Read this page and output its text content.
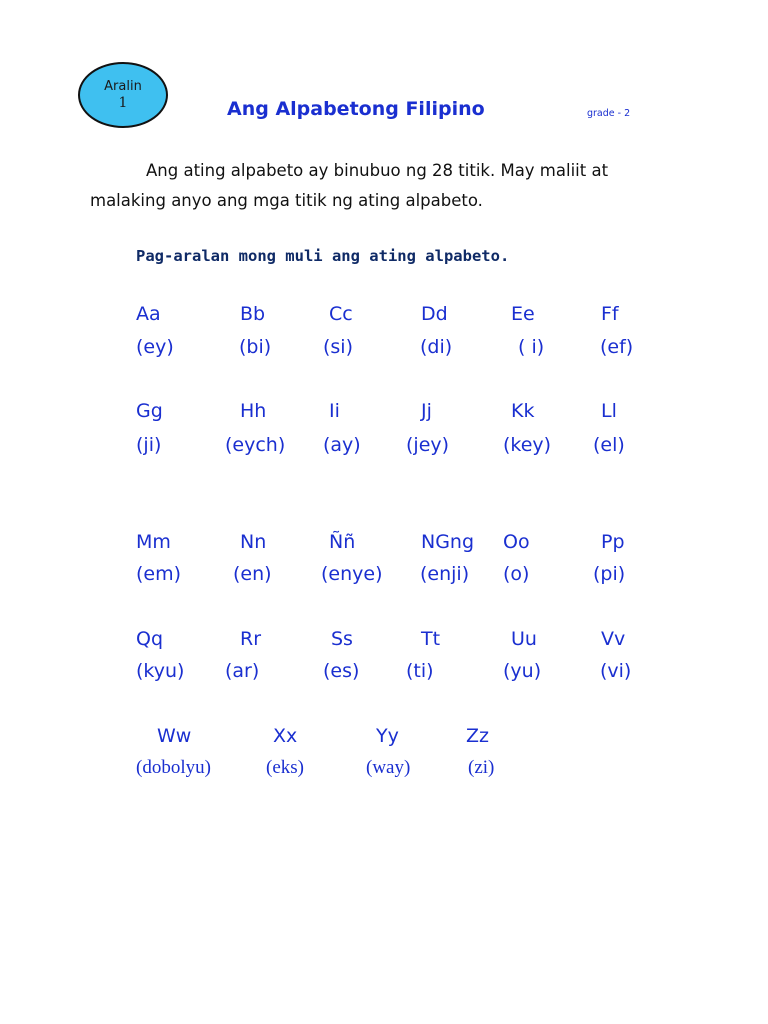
Aralin
1	Ang Alpabetong Filipino	grade - 2
Ang ating alpabeto ay binubuo ng 28 titik. May maliit at
malaking anyo ang mga titik ng ating alpabeto.
Pag-aralan mong muli ang ating alpabeto.
Aa
(ey)
Bb
(bi)
Cc
(si)
Dd
(di)
Ee
( i)
Ff
(ef)
Gg
(ji)
Hh
(eych)
Ii
(ay)
Jj
(jey)
Kk
(key)
Ll
(el)
Mm
(em)
Nn
(en)
Ññ
(enye)
NGng
(enji)
Oo
(o)
Pp
(pi)
Qq
(kyu)
Rr
(ar)
Ss
(es)
Tt
(ti)
Uu
(yu)
Vv
(vi)
Ww
(dobolyu)
Xx
(eks)
Yy
(way)
Zz
(zi)
